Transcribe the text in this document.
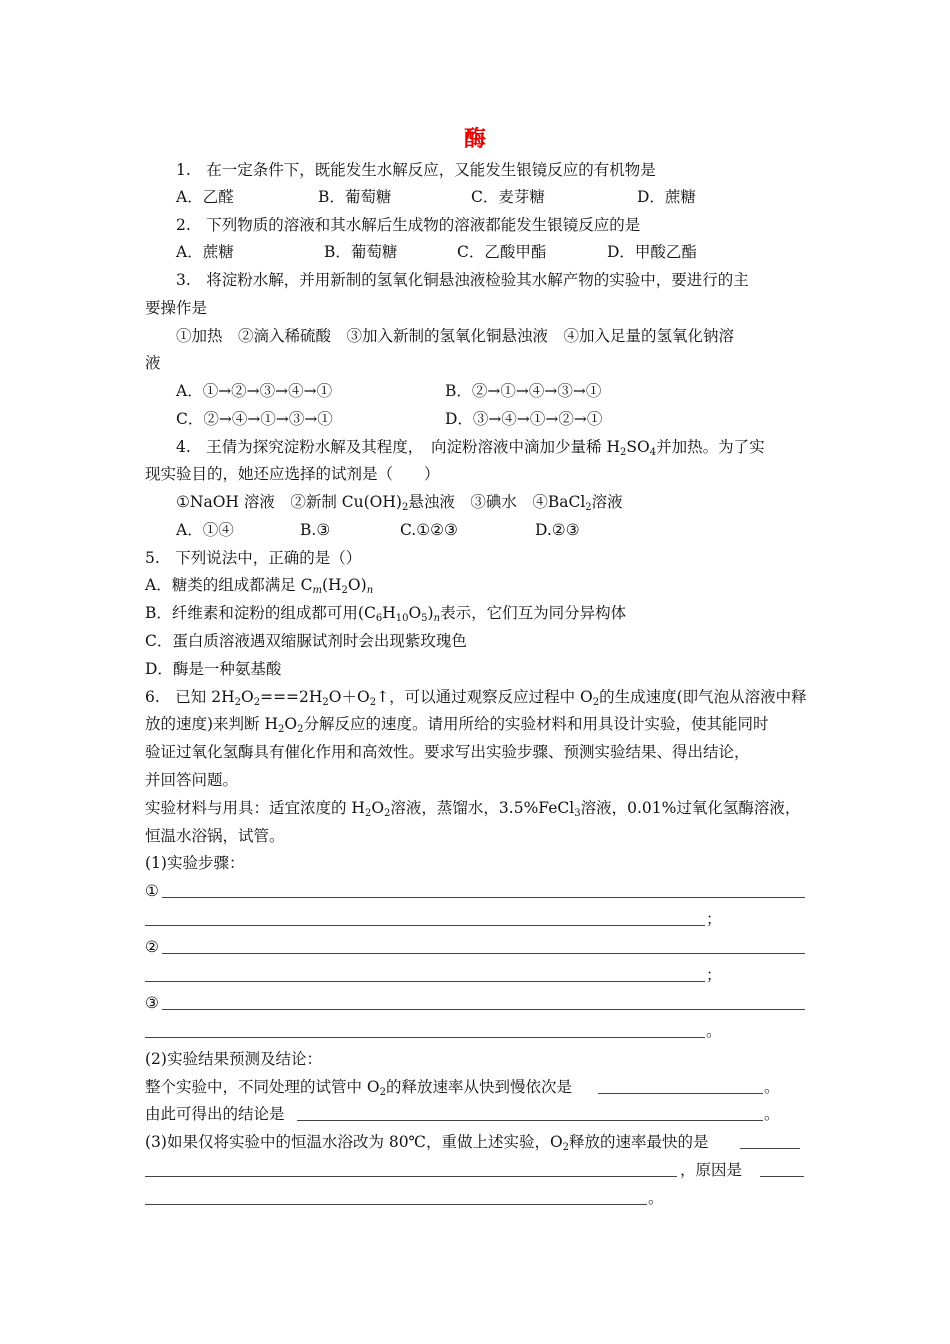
酶
1.　在一定条件下，既能发生水解反应，又能发生银镜反应的有机物是
A．乙醛	B．葡萄糖	C．麦芽糖	D．蔗糖
2.　下列物质的溶液和其水解后生成物的溶液都能发生银镜反应的是
A．蔗糖	B．葡萄糖	C．乙酸甲酯	D．甲酸乙酯
3.　将淀粉水解，并用新制的氢氧化铜悬浊液检验其水解产物的实验中，要进行的主
要操作是
①加热　②滴入稀硫酸　③加入新制的氢氧化铜悬浊液　④加入足量的氢氧化钠溶
液
A．①→②→③→④→①	B．②→①→④→③→①
C．②→④→①→③→①	D．③→④→①→②→①
4.　王倩为探究淀粉水解及其程度，　向淀粉溶液中滴加少量稀 $H_2SO_4$并加热。为了实
现实验目的，她还应选择的试剂是（　　）
①NaOH 溶液　②新制 $Cu(OH)_2$悬浊液　③碘水　④BaCl$_2$溶液
A．①④	B.③	C.①②③	D.②③
5.　下列说法中，正确的是（）
A．糖类的组成都满足 $C_m(H_2O)_n$
B．纤维素和淀粉的组成都可用$(C_6H_{10}O_5)_n$表示，它们互为同分异构体
C．蛋白质溶液遇双缩脲试剂时会出现紫玫瑰色
D．酶是一种氨基酸
6.　已知 $2H_2O_2===2H_2O+O_2↑$，可以通过观察反应过程中 $O_2$的生成速度(即气泡从溶液中释
放的速度)来判断 $H_2O_2$分解反应的速度。请用所给的实验材料和用具设计实验，使其能同时
验证过氧化氢酶具有催化作用和高效性。要求写出实验步骤、预测实验结果、得出结论，
并回答问题。
实验材料与用具：适宜浓度的 $H_2O_2$溶液，蒸馏水，3.5%FeCl$_3$溶液，0.01%过氧化氢酶溶液，
恒温水浴锅，试管。
(1)实验步骤：
①
；
②
；
③
。
(2)实验结果预测及结论：
整个实验中，不同处理的试管中 $O_2$的释放速率从快到慢依次是	。
由此可得出的结论是	。
(3)如果仅将实验中的恒温水浴改为 80℃，重做上述实验，$O_2$释放的速率最快的是
，原因是
。
